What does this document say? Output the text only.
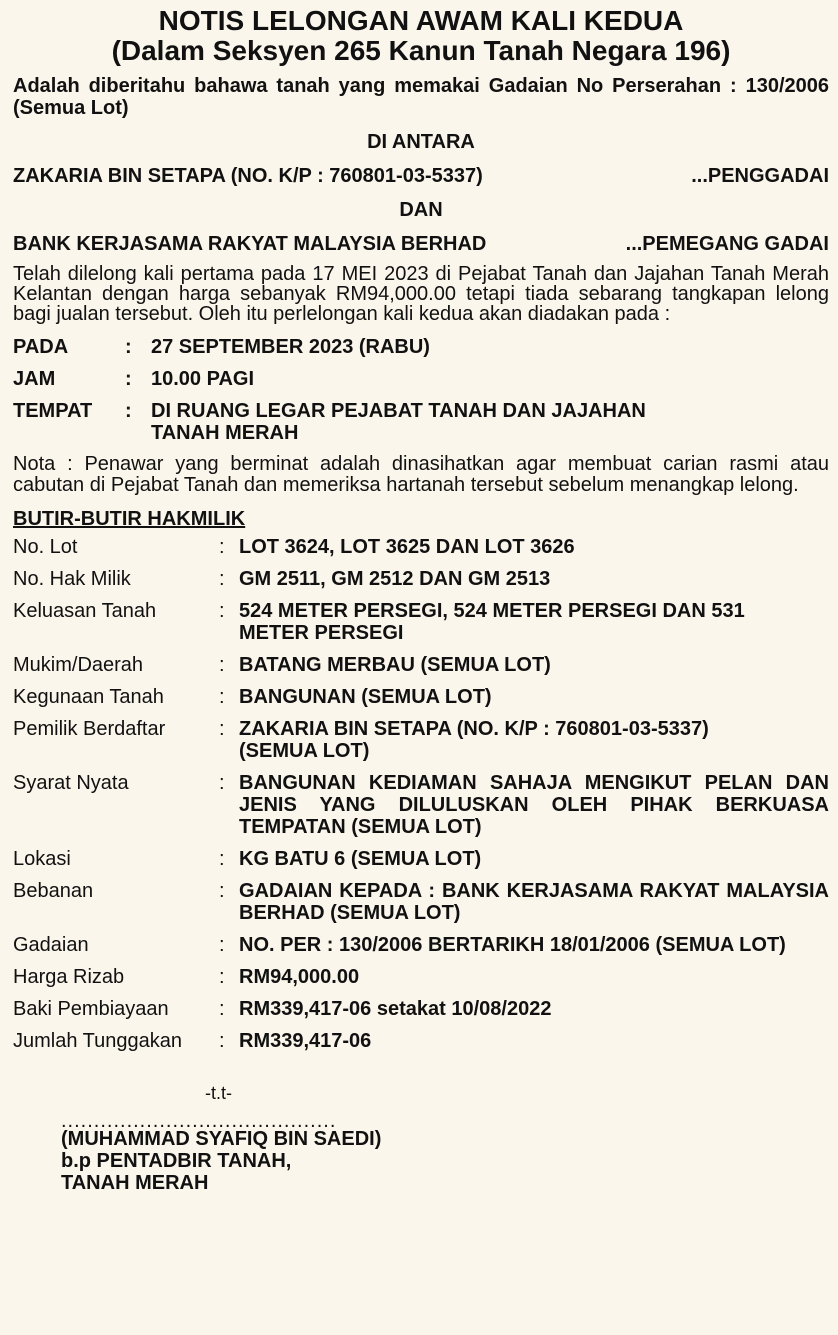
NOTIS LELONGAN AWAM KALI KEDUA
(Dalam Seksyen 265 Kanun Tanah Negara 196)
Adalah diberitahu bahawa tanah yang memakai Gadaian No Perserahan : 130/2006 (Semua Lot)
DI ANTARA
ZAKARIA BIN SETAPA (NO. K/P : 760801-03-5337)	...PENGGADAI
DAN
BANK KERJASAMA RAKYAT MALAYSIA BERHAD	...PEMEGANG GADAI
Telah dilelong kali pertama pada 17 MEI 2023 di Pejabat Tanah dan Jajahan Tanah Merah Kelantan dengan harga sebanyak RM94,000.00 tetapi tiada sebarang tangkapan lelong bagi jualan tersebut. Oleh itu perlelongan kali kedua akan diadakan pada :
PADA	: 27 SEPTEMBER 2023 (RABU)
JAM	: 10.00 PAGI
TEMPAT	: DI RUANG LEGAR PEJABAT TANAH DAN JAJAHAN TANAH MERAH
Nota : Penawar yang berminat adalah dinasihatkan agar membuat carian rasmi atau cabutan di Pejabat Tanah dan memeriksa hartanah tersebut sebelum menangkap lelong.
BUTIR-BUTIR HAKMILIK
No. Lot	: LOT 3624, LOT 3625 DAN LOT 3626
No. Hak Milik	: GM 2511, GM 2512 DAN GM 2513
Keluasan Tanah	: 524 METER PERSEGI, 524 METER PERSEGI DAN 531 METER PERSEGI
Mukim/Daerah	: BATANG MERBAU (SEMUA LOT)
Kegunaan Tanah	: BANGUNAN (SEMUA LOT)
Pemilik Berdaftar	: ZAKARIA BIN SETAPA (NO. K/P : 760801-03-5337) (SEMUA LOT)
Syarat Nyata	: BANGUNAN KEDIAMAN SAHAJA MENGIKUT PELAN DAN JENIS YANG DILULUSKAN OLEH PIHAK BERKUASA TEMPATAN (SEMUA LOT)
Lokasi	: KG BATU 6 (SEMUA LOT)
Bebanan	: GADAIAN KEPADA : BANK KERJASAMA RAKYAT MALAYSIA BERHAD (SEMUA LOT)
Gadaian	: NO. PER : 130/2006 BERTARIKH 18/01/2006 (SEMUA LOT)
Harga Rizab	: RM94,000.00
Baki Pembiayaan	: RM339,417-06 setakat 10/08/2022
Jumlah Tunggakan	: RM339,417-06
-t.t-
..........................................
(MUHAMMAD SYAFIQ BIN SAEDI)
b.p PENTADBIR TANAH,
TANAH MERAH
